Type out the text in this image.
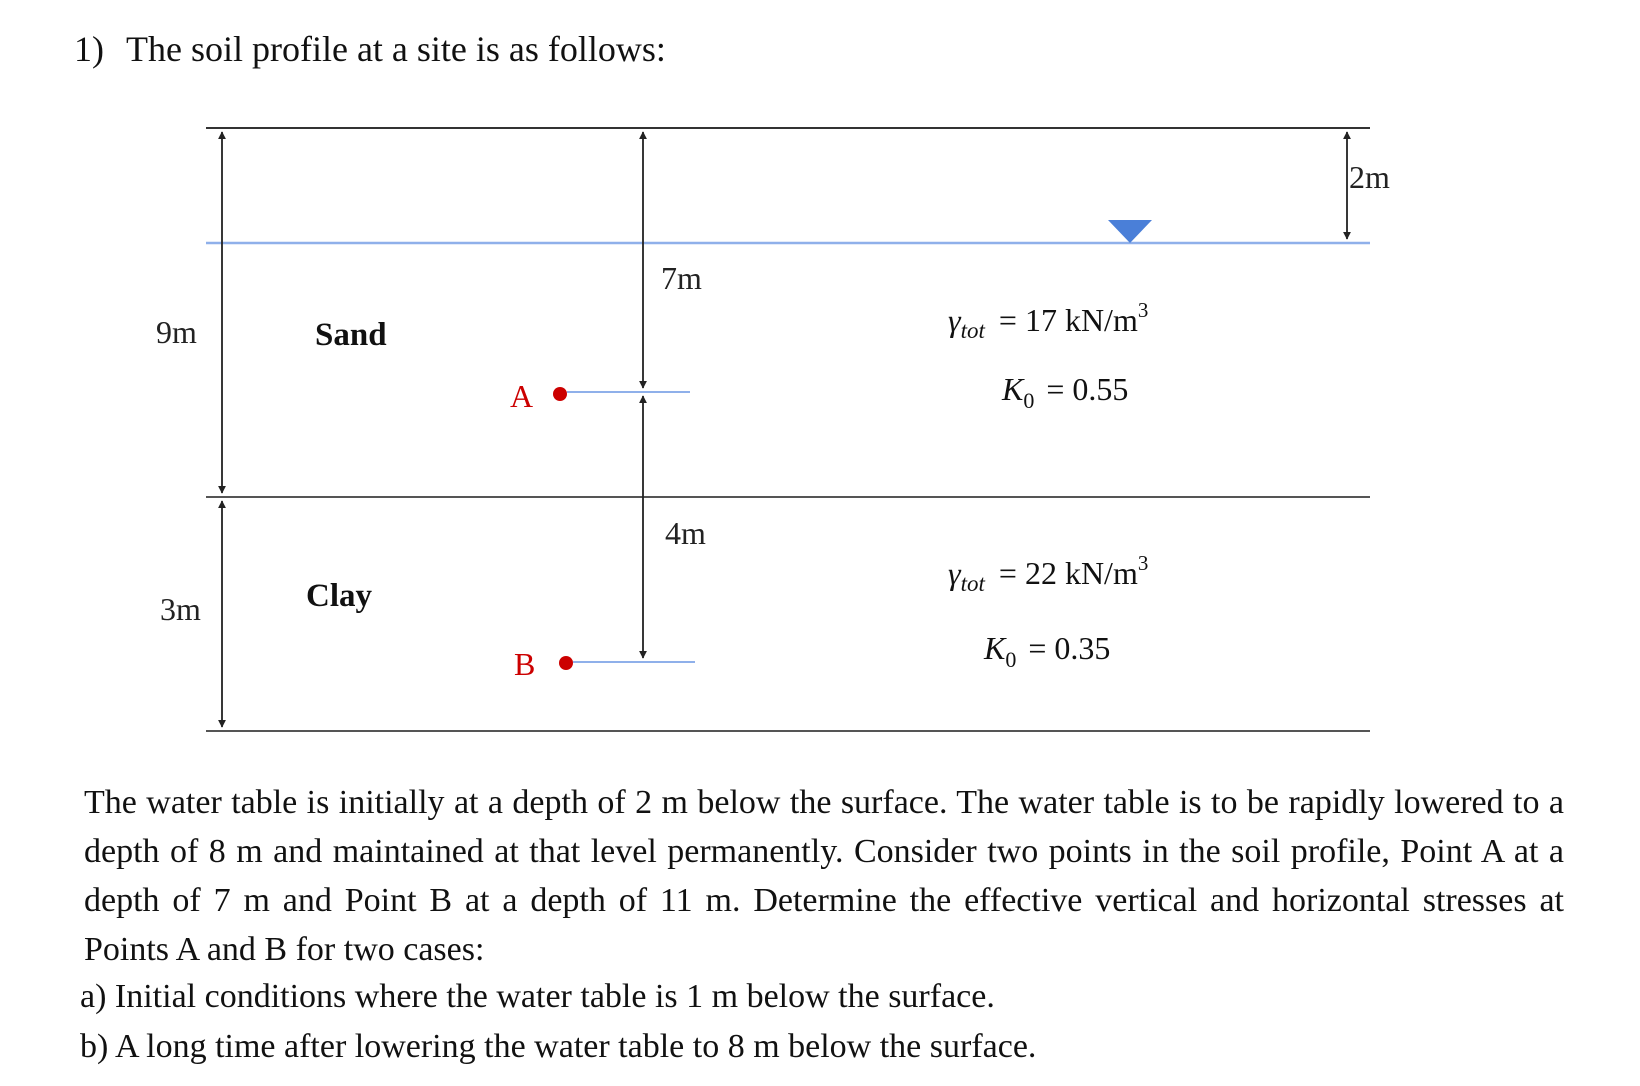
1) The soil profile at a site is as follows:
9m
3m
7m
4m
2m
Sand
Clay
A
B
$\gamma_{tot} = 17$ $kN/m^3$
$K_0 = 0.55$
$\gamma_{tot} = 22$ $kN/m^3$
$K_0 = 0.35$

The water table is initially at a depth of 2 m below the surface. The water table is to be rapidly lowered to a depth of 8 m and maintained at that level permanently. Consider two points in the soil profile, Point A at a depth of 7 m and Point B at a depth of 11 m. Determine the effective vertical and horizontal stresses at Points A and B for two cases:

a) Initial conditions where the water table is 1 m below the surface.
b) A long time after lowering the water table to 8 m below the surface.
